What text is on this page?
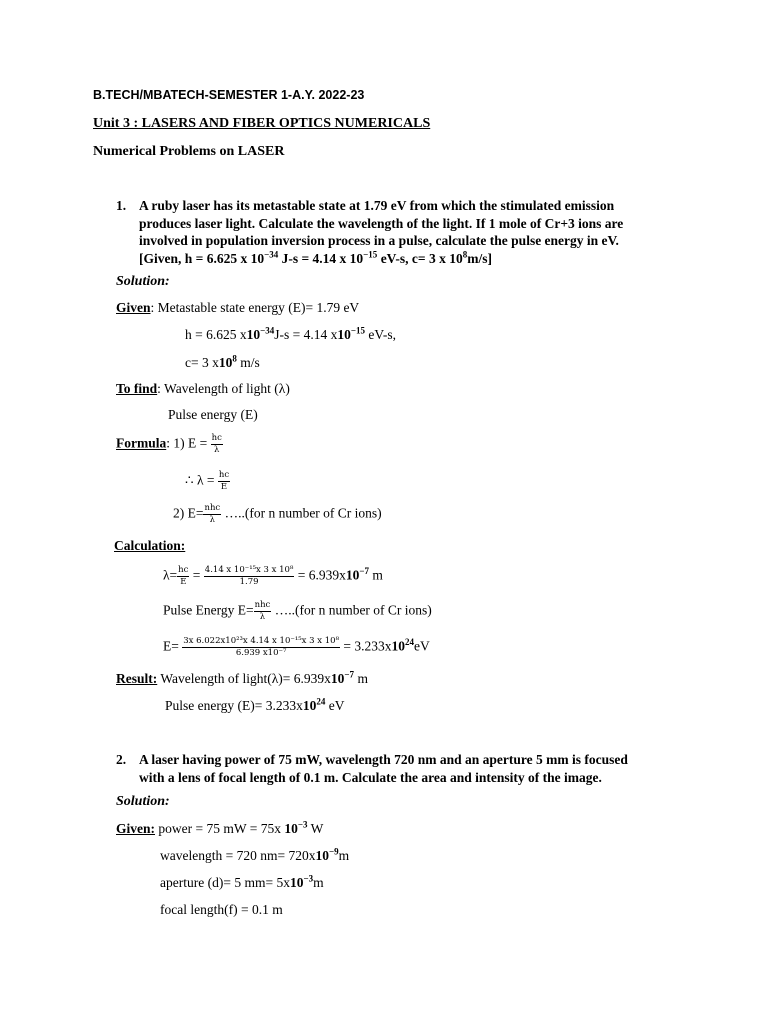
B.TECH/MBATECH-SEMESTER 1-A.Y. 2022-23
Unit 3 : LASERS AND FIBER OPTICS NUMERICALS
Numerical Problems on LASER
1. A ruby laser has its metastable state at 1.79 eV from which the stimulated emission
produces laser light. Calculate the wavelength of the light. If 1 mole of Cr+3 ions are
involved in population inversion process in a pulse, calculate the pulse energy in eV.
[Given, h = 6.625 x $10^{-34}$ J-s = 4.14 x $10^{-15}$ eV-s, c= 3 x $10^8m/s$]
Solution:
Given: Metastable state energy (E)= 1.79 eV
h = 6.625 $x10^{-34}J-s = 4.14$ $x10^{-15}$ eV-s,
c= 3 $x10^8$ m/s
To find: Wavelength of light (λ)
Pulse energy (E)
Formula: 1) $E = \frac{hc}{\lambda}$
∴ $\lambda = \frac{hc}{E}$
2) $E= \frac{\text{nhc}}{\lambda}$ …..(for n number of Cr ions)
Calculation:
$\lambda= \frac{hc}{E} = \frac{\text{4.14 x 10⁻¹⁵x 3 x 10⁸}}{1.79} = 6.939x10^{-7}$ m
Pulse Energy $E= \frac{\text{nhc}}{\lambda}$ …..(for n number of Cr ions)
$E= \frac{\text{3x 6.022x10²³x 4.14 x 10⁻¹⁵x 3 x 10⁸}}{\text{6.939 x10⁻⁷}} = 3.233x10^{24}eV$
Result: Wavelength of light(λ)= $6.939x10^{-7}$ m
Pulse energy $(E)= 3.233x10^{24}$ eV
2. A laser having power of 75 mW, wavelength 720 nm and an aperture 5 mm is focused
with a lens of focal length of 0.1 m. Calculate the area and intensity of the image.
Solution:
Given: power = 75 mW = 75x $10^{-3}$ W
wavelength = 720 $nm= 720x10^{-9}m$
aperture (d)= 5 $mm= 5x10^{-3}m$
focal length(f) = 0.1 m
